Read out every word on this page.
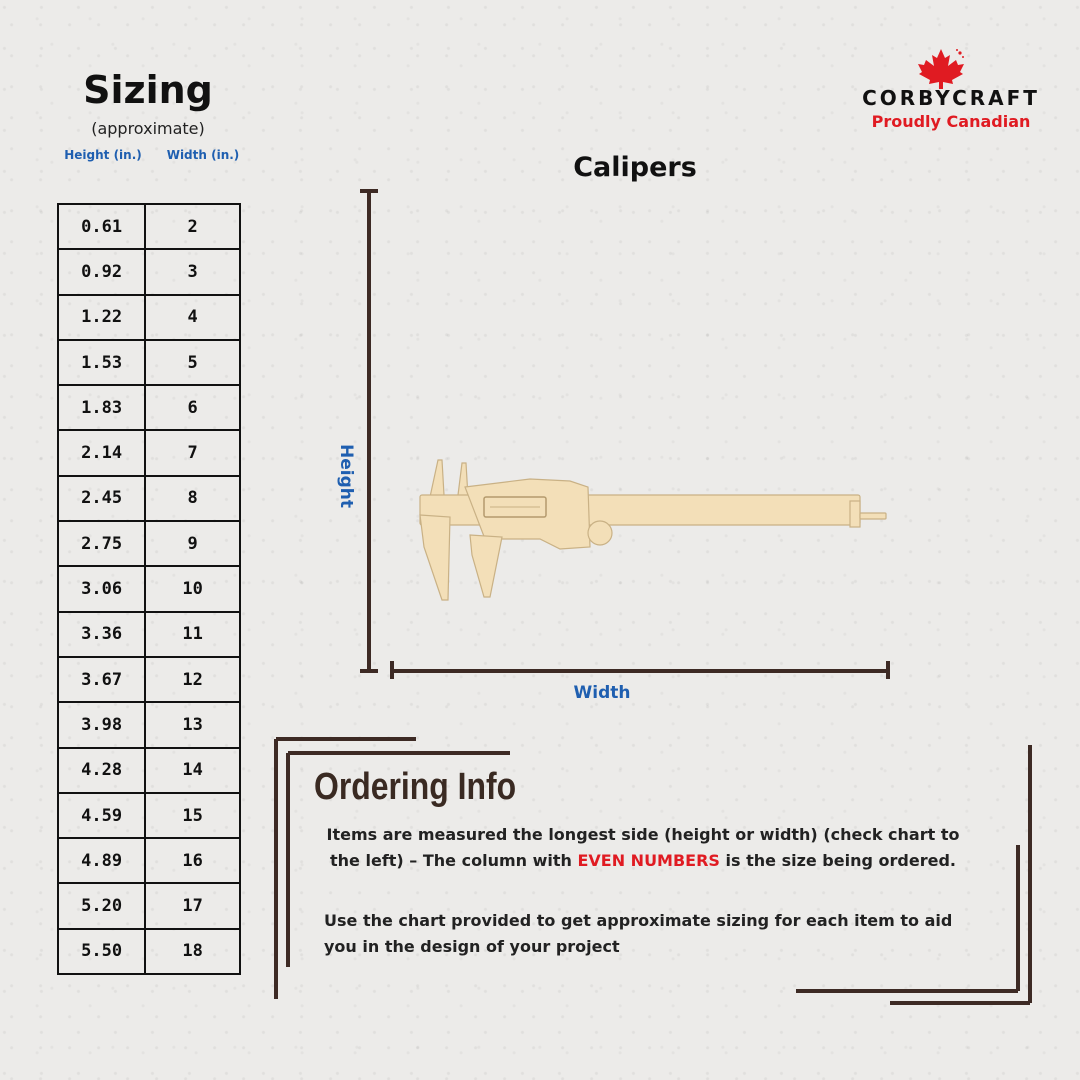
Sizing
(approximate)
Height (in.)	Width (in.)
0.61	2
0.92	3
1.22	4
1.53	5
1.83	6
2.14	7
2.45	8
2.75	9
3.06	10
3.36	11
3.67	12
3.98	13
4.28	14
4.59	15
4.89	16
5.20	17
5.50	18
CORBYCRAFT
Proudly Canadian
Calipers
Height
Width
Ordering Info
Items are measured the longest side (height or width) (check chart to the left) – The column with EVEN NUMBERS is the size being ordered.
Use the chart provided to get approximate sizing for each item to aid you in the design of your project
